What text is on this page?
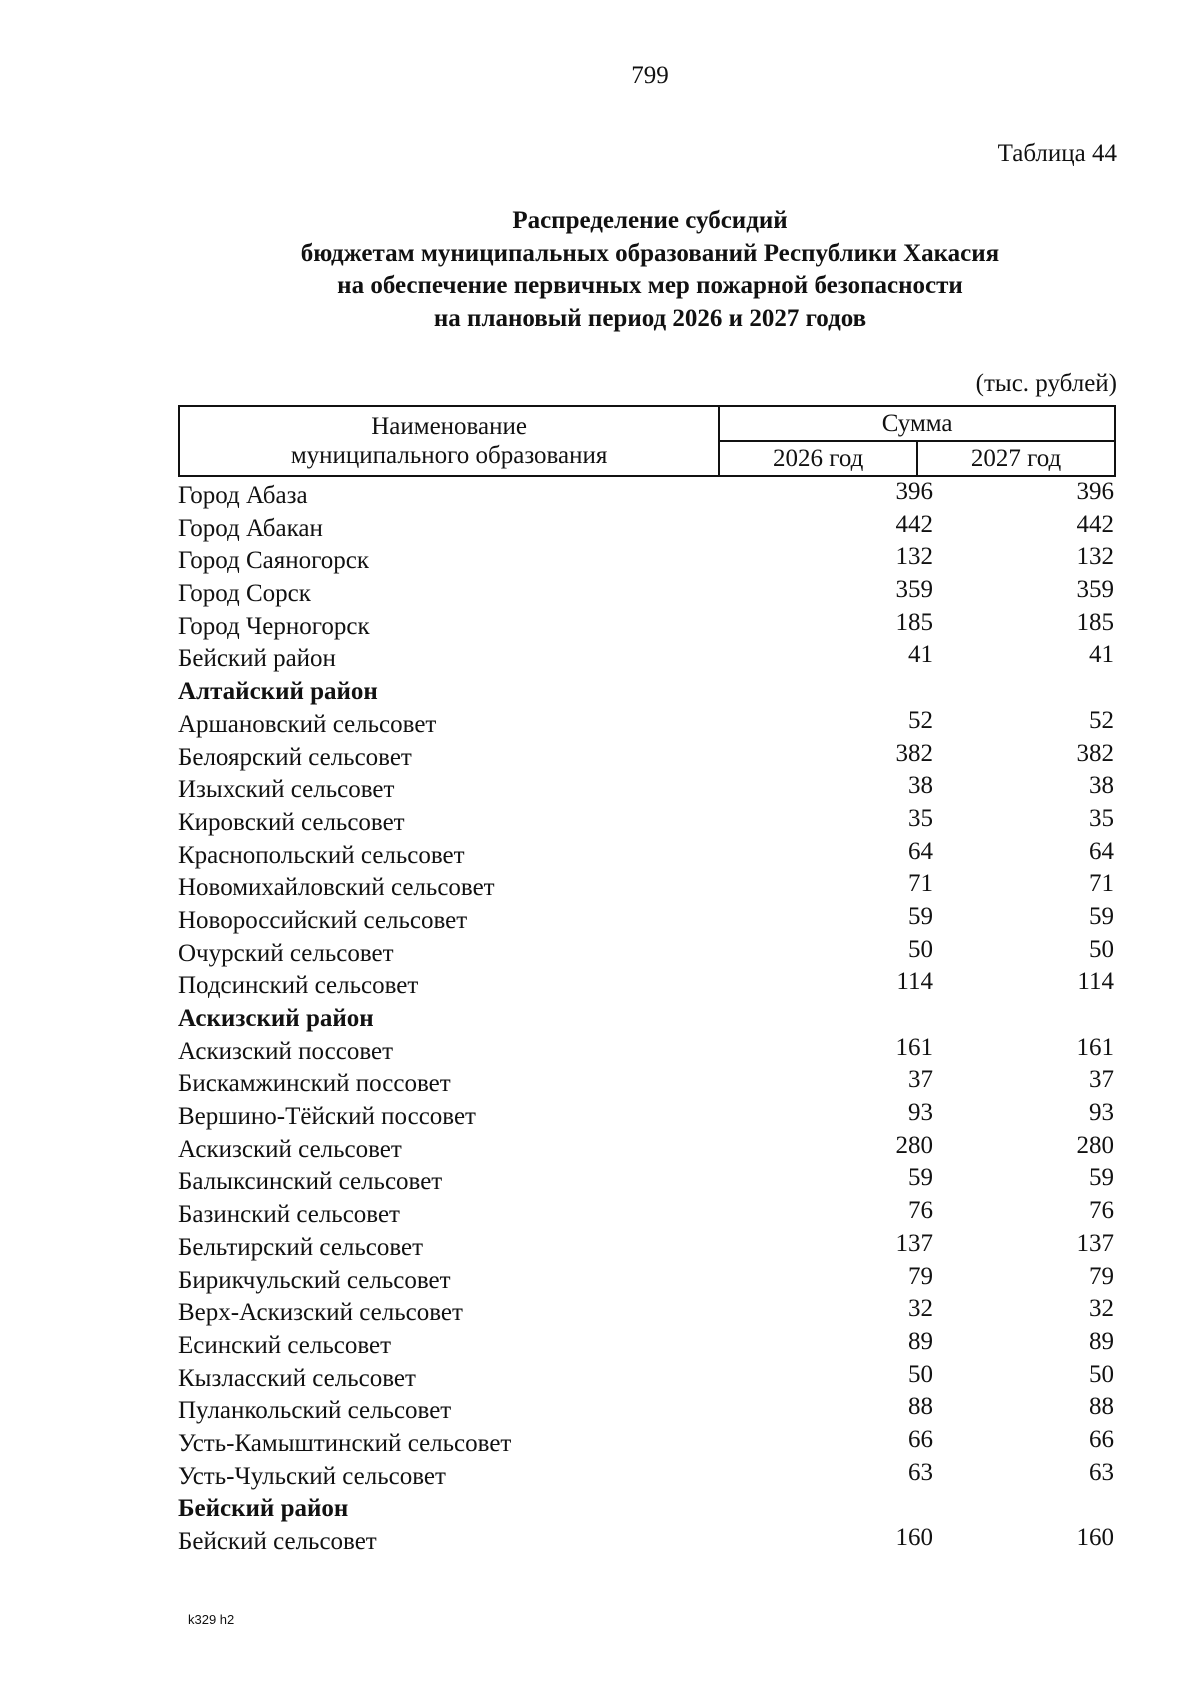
799
Таблица 44
Распределение субсидий
бюджетам муниципальных образований Республики Хакасия
на обеспечение первичных мер пожарной безопасности
на плановый период 2026 и 2027 годов
(тыс. рублей)
Наименование
муниципального образования	Сумма	
	2026 год	2027 год
Город Абаза	396	396
Город Абакан	442	442
Город Саяногорск	132	132
Город Сорск	359	359
Город Черногорск	185	185
Бейский район	41	41
Алтайский район
Аршановский сельсовет	52	52
Белоярский сельсовет	382	382
Изыхский сельсовет	38	38
Кировский сельсовет	35	35
Краснопольский сельсовет	64	64
Новомихайловский сельсовет	71	71
Новороссийский сельсовет	59	59
Очурский сельсовет	50	50
Подсинский сельсовет	114	114
Аскизский район
Аскизский поссовет	161	161
Бискамжинский поссовет	37	37
Вершино-Тёйский поссовет	93	93
Аскизский сельсовет	280	280
Балыксинский сельсовет	59	59
Базинский сельсовет	76	76
Бельтирский сельсовет	137	137
Бирикчульский сельсовет	79	79
Верх-Аскизский сельсовет	32	32
Есинский сельсовет	89	89
Кызласский сельсовет	50	50
Пуланкольский сельсовет	88	88
Усть-Камыштинский сельсовет	66	66
Усть-Чульский сельсовет	63	63
Бейский район
Бейский сельсовет	160	160
k329 h2
